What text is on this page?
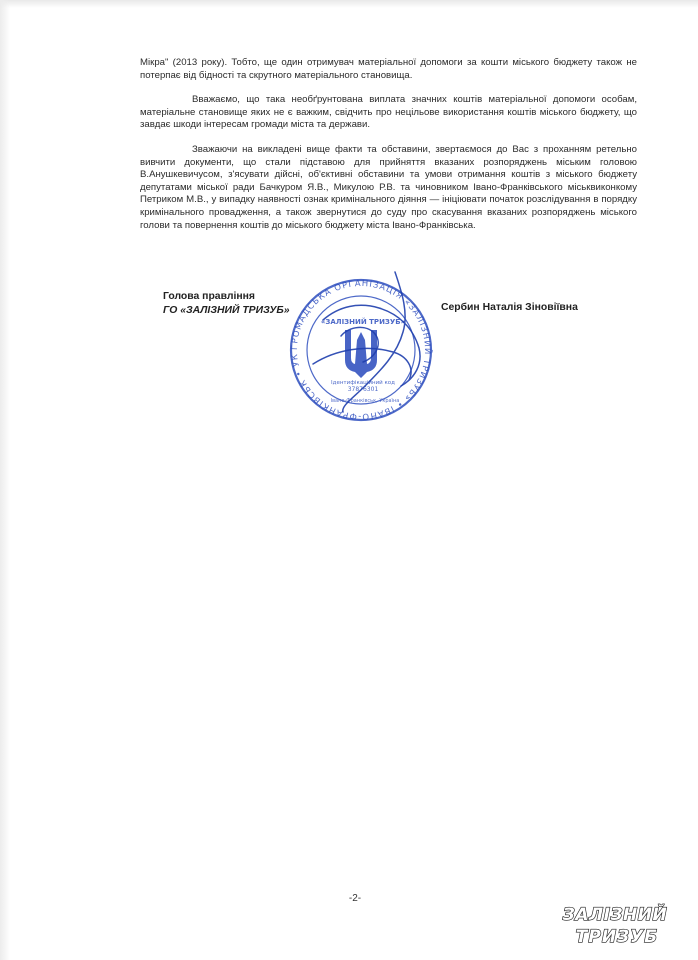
Мікра" (2013 року). Тобто, ще один отримувач матеріальної допомоги за кошти міського бюджету також не потерпає від бідності та скрутного матеріального становища.

Вважаємо, що така необґрунтована виплата значних коштів матеріальної допомоги особам, матеріальне становище яких не є важким, свідчить про нецільове використання коштів міського бюджету, що завдає шкоди інтересам громади міста та держави.

Зважаючи на викладені вище факти та обставини, звертаємося до Вас з проханням ретельно вивчити документи, що стали підставою для прийняття вказаних розпоряджень міським головою В.Анушкевичусом, з'ясувати дійсні, об'єктивні обставини та умови отримання коштів з міського бюджету депутатами міської ради Бачкуром Я.В., Микулою Р.В. та чиновником Івано-Франківського міськвиконкому Петриком М.В., у випадку наявності ознак кримінального діяння — ініціювати початок розслідування в порядку кримінального провадження, а також звернутися до суду про скасування вказаних розпоряджень міського голови та повернення коштів до міського бюджету міста Івано-Франківська.

Голова правління
ГО «ЗАЛІЗНИЙ ТРИЗУБ»
ГРОМАДСЬКА ОРГАНІЗАЦІЯ «ЗАЛІЗНИЙ ТРИЗУБ» • ІВАНО-ФРАНКІВСЬК • УК
«ЗАЛІЗНИЙ ТРИЗУБ»
Ідентифікаційний код
37876301
Івано-Франківськ, Україна
Сербин Наталія Зіновіївна
-2-
ЗАЛІЗНИЙ
ТРИЗУБ
